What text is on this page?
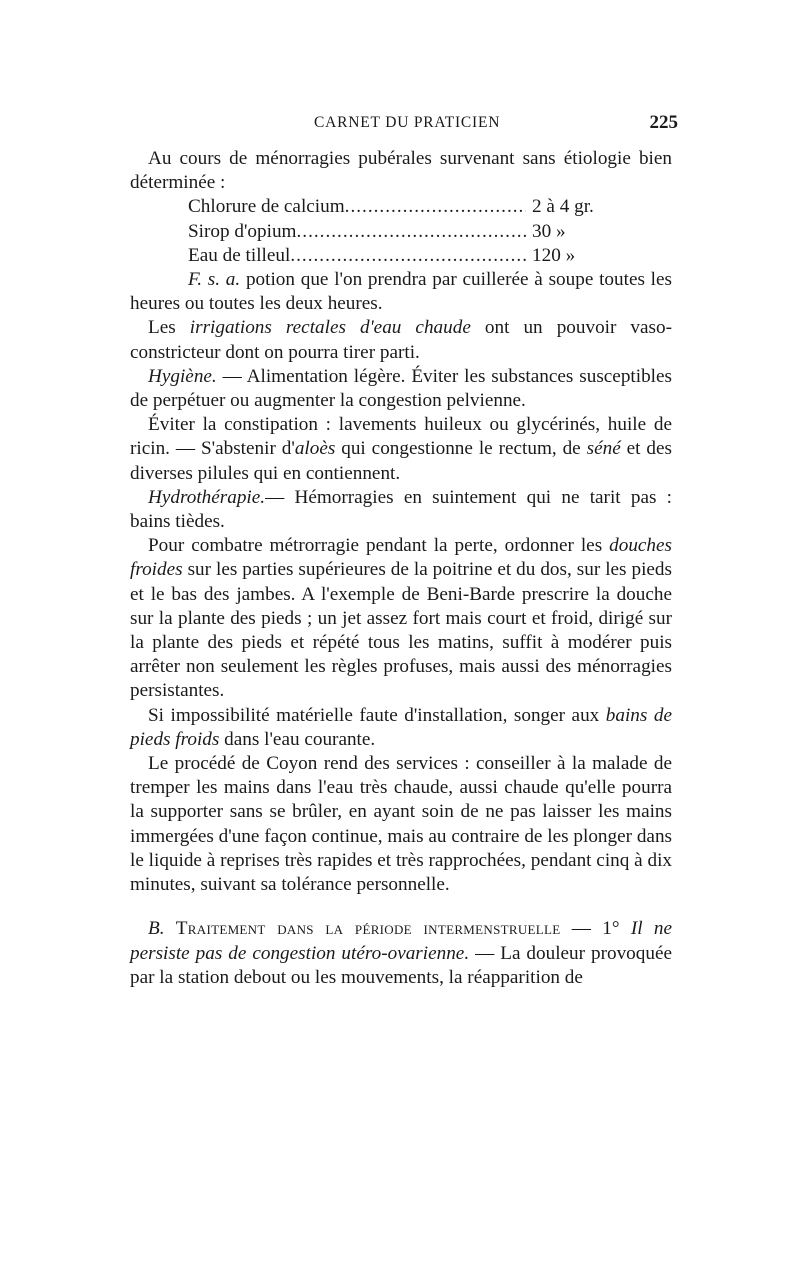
CARNET DU PRATICIEN	225

Au cours de ménorragies pubérales survenant sans étiologie bien déterminée :

Chlorure de calcium .....	2 à 4 gr.
Sirop d'opium .....	30 »
Eau de tilleul .....	120 »

F. s. a. potion que l'on prendra par cuillerée à soupe toutes les heures ou toutes les deux heures.

Les irrigations rectales d'eau chaude ont un pouvoir vaso-constricteur dont on pourra tirer parti.

Hygiène. — Alimentation légère. Éviter les substances susceptibles de perpétuer ou augmenter la congestion pelvienne.

Éviter la constipation : lavements huileux ou glycérinés, huile de ricin. — S'abstenir d'aloès qui congestionne le rectum, de séné et des diverses pilules qui en contiennent.

Hydrothérapie.— Hémorragies en suintement qui ne tarit pas : bains tièdes.

Pour combatre métrorragie pendant la perte, ordonner les douches froides sur les parties supérieures de la poitrine et du dos, sur les pieds et le bas des jambes. A l'exemple de Beni-Barde prescrire la douche sur la plante des pieds ; un jet assez fort mais court et froid, dirigé sur la plante des pieds et répété tous les matins, suffit à modérer puis arrêter non seulement les règles profuses, mais aussi des ménorragies persistantes.

Si impossibilité matérielle faute d'installation, songer aux bains de pieds froids dans l'eau courante.

Le procédé de Coyon rend des services : conseiller à la malade de tremper les mains dans l'eau très chaude, aussi chaude qu'elle pourra la supporter sans se brûler, en ayant soin de ne pas laisser les mains immergées d'une façon continue, mais au contraire de les plonger dans le liquide à reprises très rapides et très rapprochées, pendant cinq à dix minutes, suivant sa tolérance personnelle.

B. Traitement dans la période intermenstruelle — 1° Il ne persiste pas de congestion utéro-ovarienne. — La douleur provoquée par la station debout ou les mouvements, la réapparition de
